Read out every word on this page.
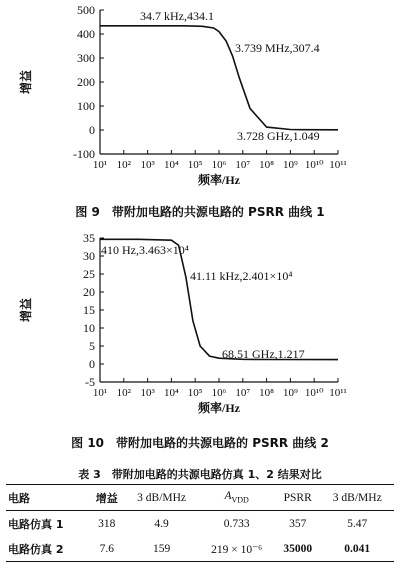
-100
0
100
200
300
400
500
10¹ 10² 10³ 10⁴ 10⁵ 10⁶ 10⁷ 10⁸ 10⁹ 10¹⁰ 10¹¹
频率/Hz
增益
34.7 kHz,434.1
3.739 MHz,307.4
3.728 GHz,1.049
图 9　带附加电路的共源电路的 PSRR 曲线 1
-5
0
5
10
15
20
25
30
35
10¹ 10² 10³ 10⁴ 10⁵ 10⁶ 10⁷ 10⁸ 10⁹ 10¹⁰ 10¹¹
频率/Hz
增益
410 Hz,3.463×10⁴
41.11 kHz,2.401×10⁴
68.51 GHz,1.217
图 10　带附加电路的共源电路的 PSRR 曲线 2
表 3　带附加电路的共源电路仿真 1、2 结果对比
电路	增益	3 dB/MHz	$A_{VDD}$	PSRR	3 dB/MHz
电路仿真 1	318	4.9	0.733	357	5.47
电路仿真 2	7.6	159	219 × 10⁻⁶	35000	0.041
